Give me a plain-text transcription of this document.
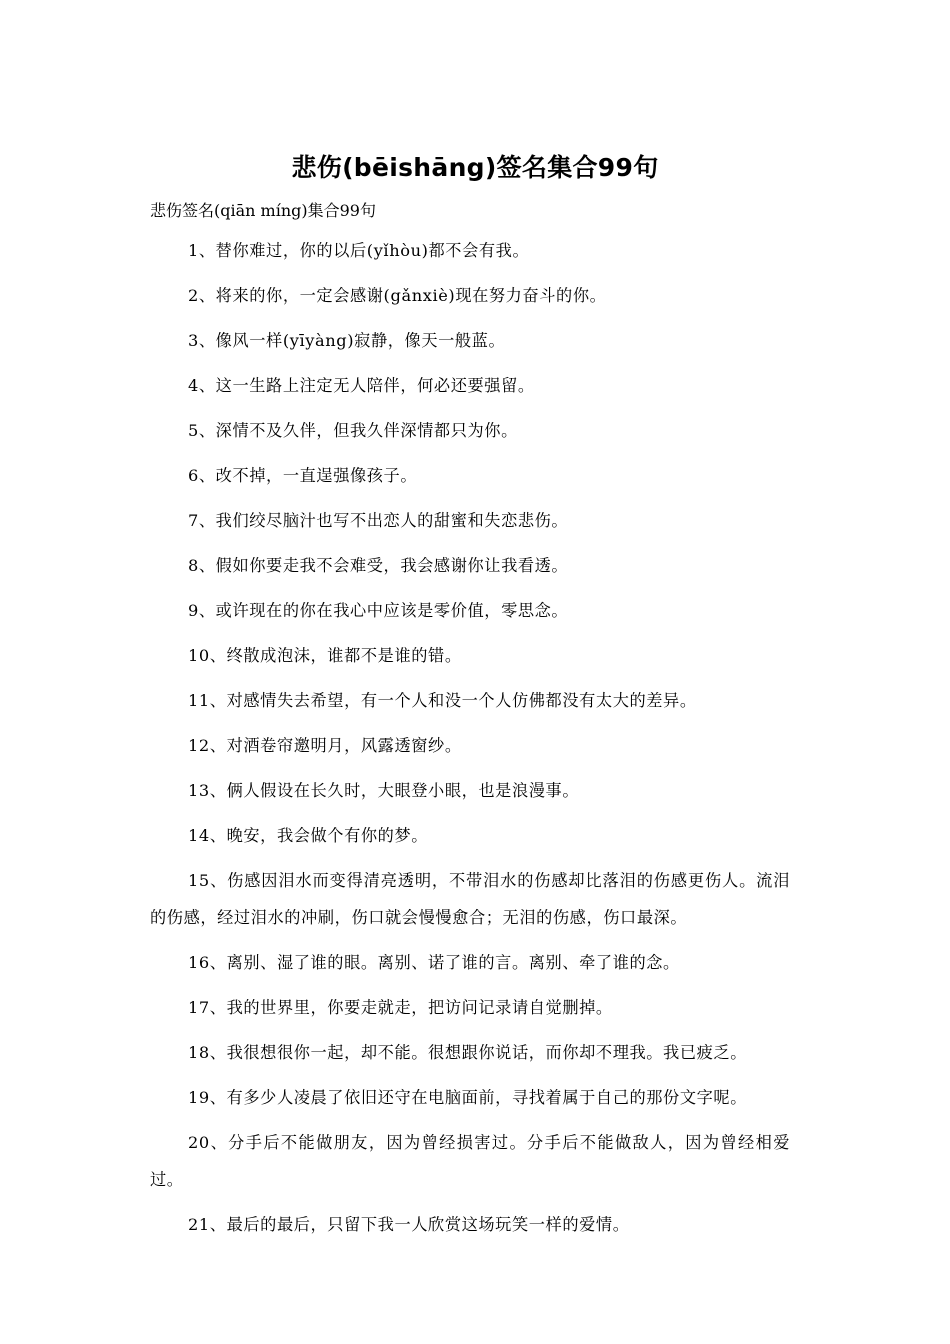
悲伤(bēishāng)签名集合99句
悲伤签名(qiān míng)集合99句
1、替你难过，你的以后(yǐhòu)都不会有我。
2、将来的你，一定会感谢(gǎnxiè)现在努力奋斗的你。
3、像风一样(yīyàng)寂静，像天一般蓝。
4、这一生路上注定无人陪伴，何必还要强留。
5、深情不及久伴，但我久伴深情都只为你。
6、改不掉，一直逞强像孩子。
7、我们绞尽脑汁也写不出恋人的甜蜜和失恋悲伤。
8、假如你要走我不会难受，我会感谢你让我看透。
9、或许现在的你在我心中应该是零价值，零思念。
10、终散成泡沫，谁都不是谁的错。
11、对感情失去希望，有一个人和没一个人仿佛都没有太大的差异。
12、对酒卷帘邀明月，风露透窗纱。
13、俩人假设在长久时，大眼登小眼，也是浪漫事。
14、晚安，我会做个有你的梦。
15、伤感因泪水而变得清亮透明，不带泪水的伤感却比落泪的伤感更伤人。流泪的伤感，经过泪水的冲刷，伤口就会慢慢愈合；无泪的伤感，伤口最深。
16、离别、湿了谁的眼。离别、诺了谁的言。离别、牵了谁的念。
17、我的世界里，你要走就走，把访问记录请自觉删掉。
18、我很想很你一起，却不能。很想跟你说话，而你却不理我。我已疲乏。
19、有多少人凌晨了依旧还守在电脑面前，寻找着属于自己的那份文字呢。
20、分手后不能做朋友，因为曾经损害过。分手后不能做敌人，因为曾经相爱过。
21、最后的最后，只留下我一人欣赏这场玩笑一样的爱情。
